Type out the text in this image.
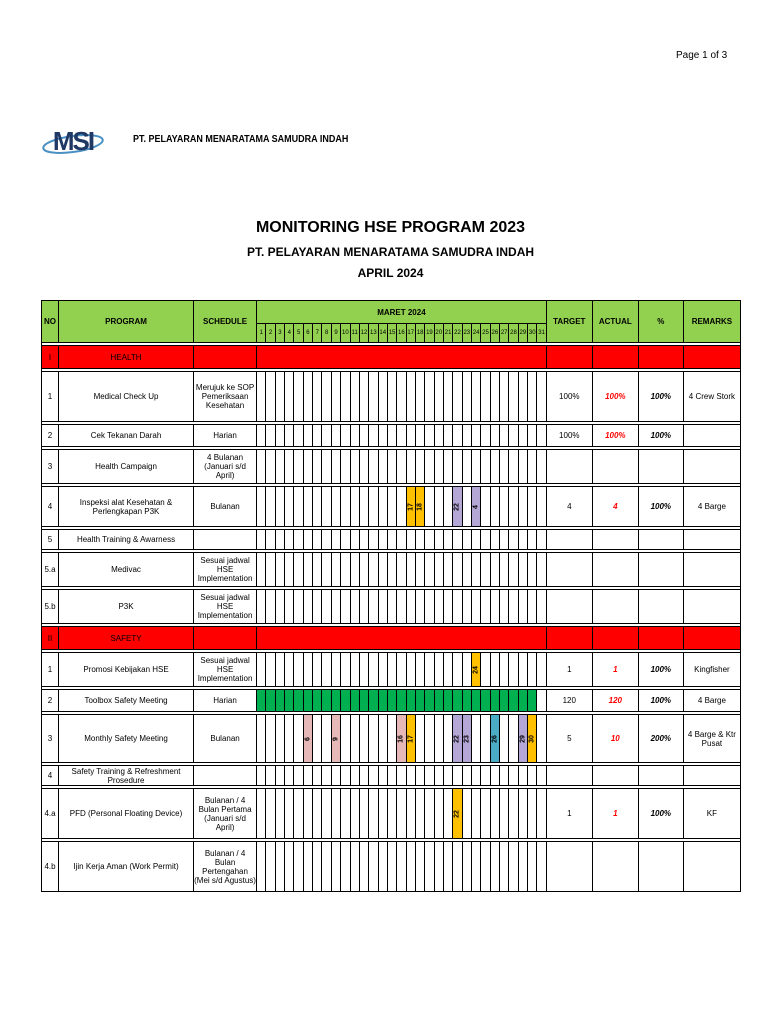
Page 1 of 3
MSI	PT. PELAYARAN MENARATAMA SAMUDRA INDAH
MONITORING HSE PROGRAM 2023
PT. PELAYARAN MENARATAMA SAMUDRA INDAH
APRIL 2024
NO	PROGRAM	SCHEDULE	MARET 2024																															TARGET	ACTUAL	%	REMARKS
			1	2	3	4	5	6	7	8	9	10	11	12	13	14	15	16	17	18	19	20	21	22	23	24	25	26	27	28	29	30	31				

I	HEALTH																																				

1	Medical Check Up	Merujuk ke SOP Pemeriksaan Kesehatan																																100%	100%	100%	4 Crew Stork

2	Cek Tekanan Darah	Harian																																100%	100%	100%	

3	Health Campaign	4 Bulanan (Januari s/d April)																																			

4	Inspeksi alat Kesehatan & Perlengkapan P3K	Bulanan																	17	18				22		4								4	4	100%	4 Barge

5	Health Training & Awarness																																				

5.a	Medivac	Sesuai jadwal HSE Implementation																																			

5.b	P3K	Sesuai jadwal HSE Implementation																																			

II	SAFETY																																				

1	Promosi Kebijakan HSE	Sesuai jadwal HSE Implementation																								24								1	1	100%	Kingfisher

2	Toolbox Safety Meeting	Harian																																120	120	100%	4 Barge

3	Monthly Safety Meeting	Bulanan						6			9							16	17					22	23			26			29	30		5	10	200%	4 Barge & Ktr Pusat

4	Safety Training & Refreshment Prosedure																																				

4.a	PFD (Personal Floating Device)	Bulanan / 4 Bulan Pertama (Januari s/d April)																						22										1	1	100%	KF

4.b	Ijin Kerja Aman (Work Permit)	Bulanan / 4 Bulan Pertengahan (Mei s/d Agustus)																																			
